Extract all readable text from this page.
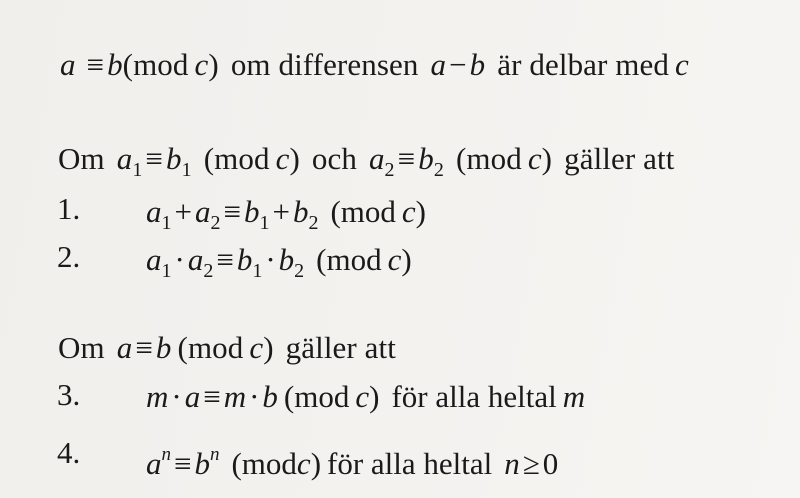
a ≡b(mod c) om differensen a−b är delbar med c
Om $a_1\equiv b_1$ (mod c) och $a_2\equiv b_2$ (mod c) gäller att
1. $a_1+a_2\equiv b_1+b_2$ (mod c)
2. $a_1\cdot a_2\equiv b_1\cdot b_2$ (mod c)
Om a≡b (mod c) gäller att
3. m·a≡m·b (mod c) för alla heltal m
4. $a^n\equiv b^n$ (modc) för alla heltal n≥0
